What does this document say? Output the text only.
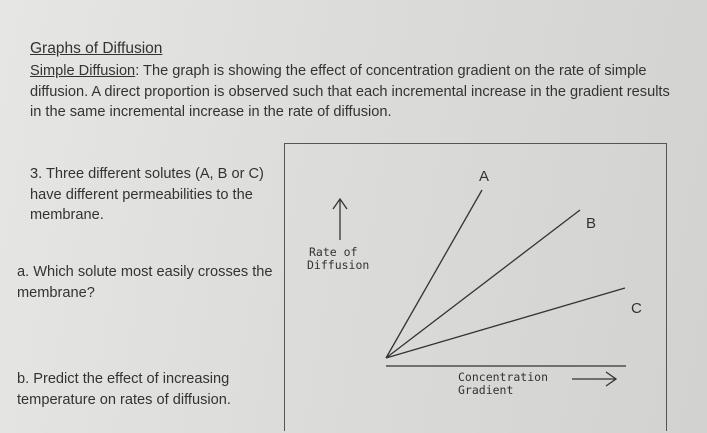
Graphs of Diffusion

Simple Diffusion: The graph is showing the effect of concentration gradient on the rate of simple diffusion. A direct proportion is observed such that each incremental increase in the gradient results in the same incremental increase in the rate of diffusion.

3. Three different solutes (A, B or C) have different permeabilities to the membrane.

a. Which solute most easily crosses the membrane?

b. Predict the effect of increasing temperature on rates of diffusion.

Rate of
Diffusion
A
B
C
Concentration
Gradient
